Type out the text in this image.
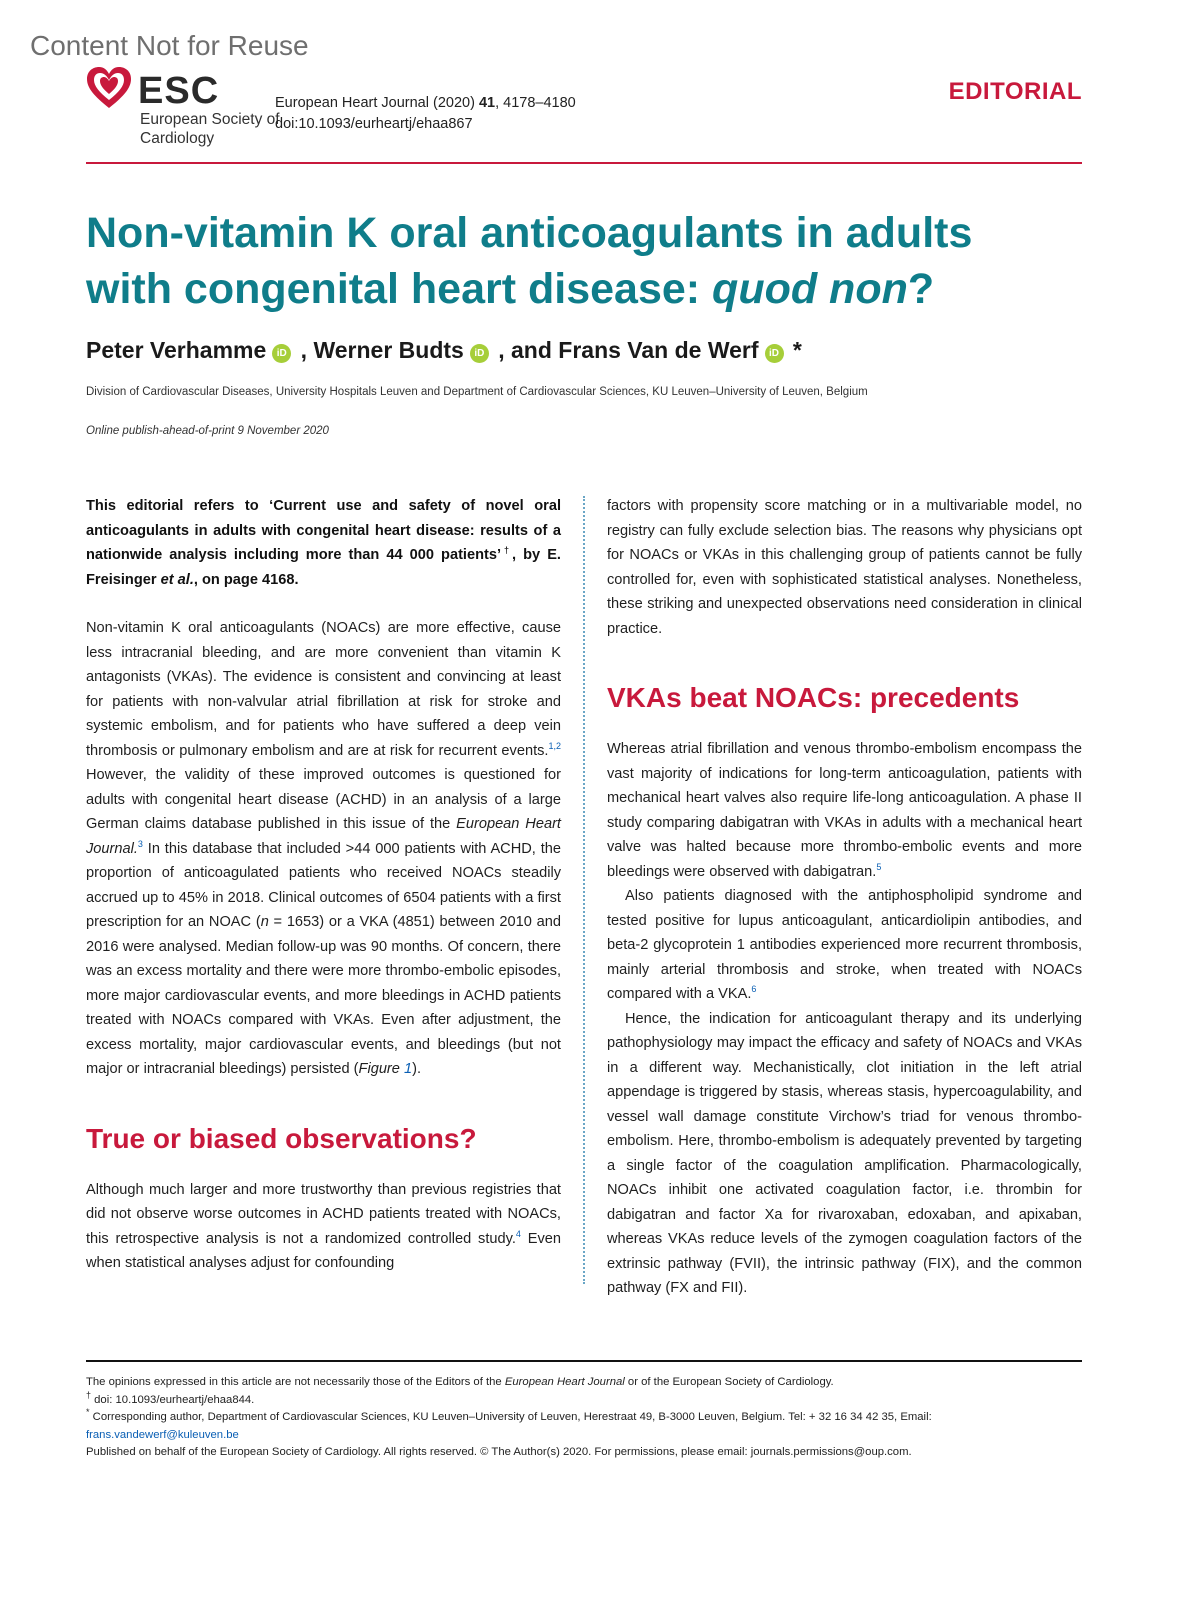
Content Not for Reuse
ESC
European Society of Cardiology
European Heart Journal (2020) 41, 4178–4180
doi:10.1093/eurheartj/ehaa867
EDITORIAL
Non-vitamin K oral anticoagulants in adults
with congenital heart disease: quod non?
Peter Verhamme iD , Werner Budts iD , and Frans Van de Werf iD *
Division of Cardiovascular Diseases, University Hospitals Leuven and Department of Cardiovascular Sciences, KU Leuven–University of Leuven, Belgium
Online publish-ahead-of-print 9 November 2020

This editorial refers to ‘Current use and safety of novel oral anticoagulants in adults with congenital heart disease: results of a nationwide analysis including more than 44 000 patients’†, by E. Freisinger et al., on page 4168.

Non-vitamin K oral anticoagulants (NOACs) are more effective, cause less intracranial bleeding, and are more convenient than vitamin K antagonists (VKAs). The evidence is consistent and convincing at least for patients with non-valvular atrial fibrillation at risk for stroke and systemic embolism, and for patients who have suffered a deep vein thrombosis or pulmonary embolism and are at risk for recurrent events.$^{1,2}$ However, the validity of these improved outcomes is questioned for adults with congenital heart disease (ACHD) in an analysis of a large German claims database published in this issue of the European Heart Journal.$^3$ In this database that included >44 000 patients with ACHD, the proportion of anticoagulated patients who received NOACs steadily accrued up to 45% in 2018. Clinical outcomes of 6504 patients with a first prescription for an NOAC (n = 1653) or a VKA (4851) between 2010 and 2016 were analysed. Median follow-up was 90 months. Of concern, there was an excess mortality and there were more thrombo-embolic episodes, more major cardiovascular events, and more bleedings in ACHD patients treated with NOACs compared with VKAs. Even after adjustment, the excess mortality, major cardiovascular events, and bleedings (but not major or intracranial bleedings) persisted (Figure 1).

True or biased observations?

Although much larger and more trustworthy than previous registries that did not observe worse outcomes in ACHD patients treated with NOACs, this retrospective analysis is not a randomized controlled study.$^4$ Even when statistical analyses adjust for confounding

factors with propensity score matching or in a multivariable model, no registry can fully exclude selection bias. The reasons why physicians opt for NOACs or VKAs in this challenging group of patients cannot be fully controlled for, even with sophisticated statistical analyses. Nonetheless, these striking and unexpected observations need consideration in clinical practice.

VKAs beat NOACs: precedents

Whereas atrial fibrillation and venous thrombo-embolism encompass the vast majority of indications for long-term anticoagulation, patients with mechanical heart valves also require life-long anticoagulation. A phase II study comparing dabigatran with VKAs in adults with a mechanical heart valve was halted because more thrombo-embolic events and more bleedings were observed with dabigatran.$^5$

Also patients diagnosed with the antiphospholipid syndrome and tested positive for lupus anticoagulant, anticardiolipin antibodies, and beta-2 glycoprotein 1 antibodies experienced more recurrent thrombosis, mainly arterial thrombosis and stroke, when treated with NOACs compared with a VKA.$^6$

Hence, the indication for anticoagulant therapy and its underlying pathophysiology may impact the efficacy and safety of NOACs and VKAs in a different way. Mechanistically, clot initiation in the left atrial appendage is triggered by stasis, whereas stasis, hypercoagulability, and vessel wall damage constitute Virchow’s triad for venous thrombo-embolism. Here, thrombo-embolism is adequately prevented by targeting a single factor of the coagulation amplification. Pharmacologically, NOACs inhibit one activated coagulation factor, i.e. thrombin for dabigatran and factor Xa for rivaroxaban, edoxaban, and apixaban, whereas VKAs reduce levels of the zymogen coagulation factors of the extrinsic pathway (FVII), the intrinsic pathway (FIX), and the common pathway (FX and FII).

The opinions expressed in this article are not necessarily those of the Editors of the European Heart Journal or of the European Society of Cardiology.

† doi: 10.1093/eurheartj/ehaa844.

* Corresponding author, Department of Cardiovascular Sciences, KU Leuven–University of Leuven, Herestraat 49, B-3000 Leuven, Belgium. Tel: + 32 16 34 42 35, Email: frans.vandewerf@kuleuven.be

Published on behalf of the European Society of Cardiology. All rights reserved. © The Author(s) 2020. For permissions, please email: journals.permissions@oup.com.
